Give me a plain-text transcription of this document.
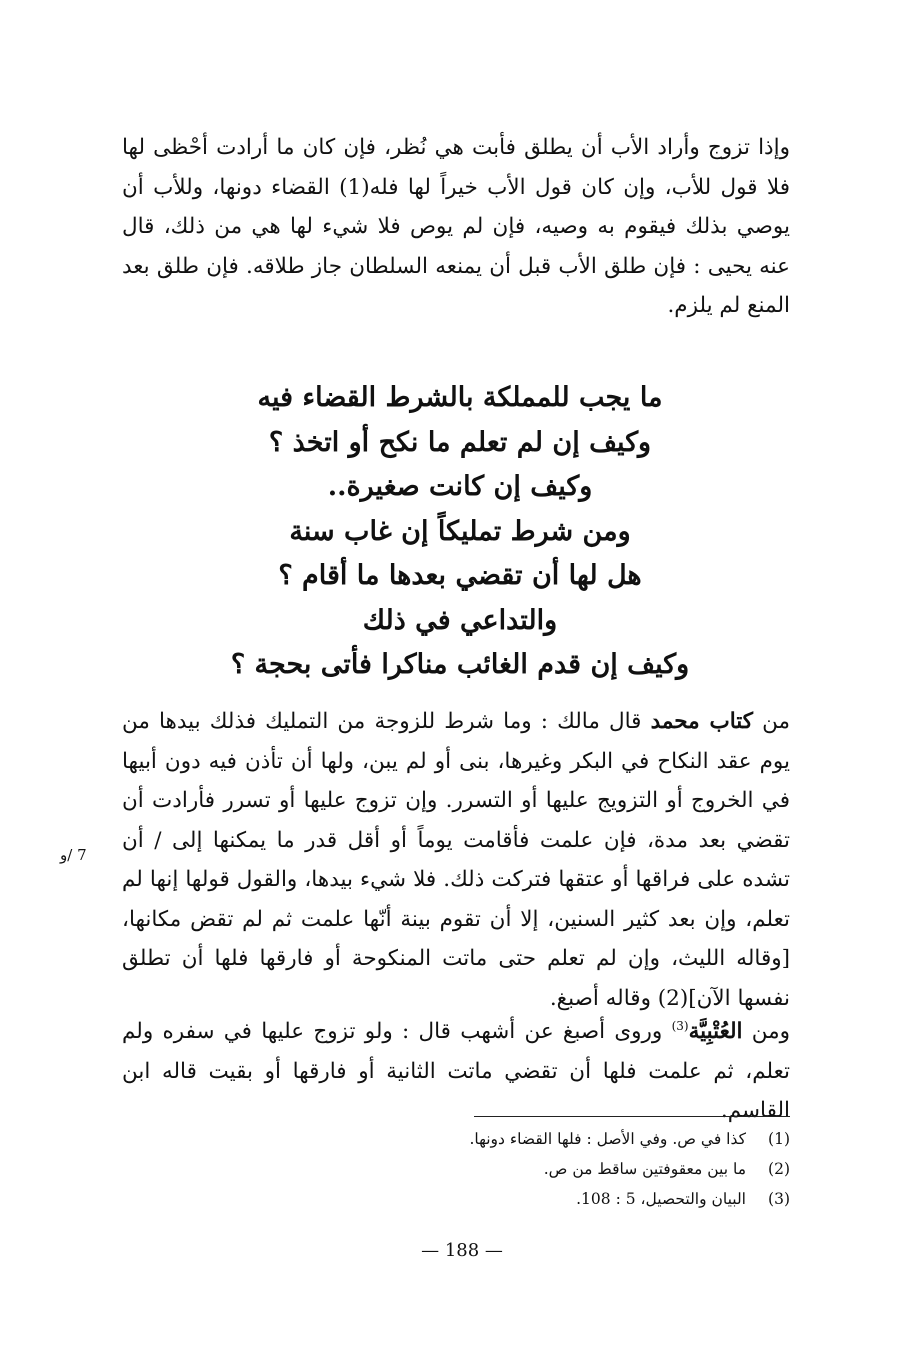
وإذا تزوج وأراد الأب أن يطلق فأبت هي نُظر، فإن كان ما أرادت أحْظى لها فلا قول للأب، وإن كان قول الأب خيراً لها فله(1) القضاء دونها، وللأب أن يوصي بذلك فيقوم به وصيه، فإن لم يوص فلا شيء لها هي من ذلك، قال عنه يحيى : فإن طلق الأب قبل أن يمنعه السلطان جاز طلاقه. فإن طلق بعد المنع لم يلزم.

ما يجب للمملكة بالشرط القضاء فيه
وكيف إن لم تعلم ما نكح أو اتخذ ؟
وكيف إن كانت صغيرة..
ومن شرط تمليكاً إن غاب سنة
هل لها أن تقضي بعدها ما أقام ؟
والتداعي في ذلك
وكيف إن قدم الغائب مناكرا فأتى بحجة ؟

من كتاب محمد قال مالك : وما شرط للزوجة من التمليك فذلك بيدها من يوم عقد النكاح في البكر وغيرها، بنى أو لم يبن، ولها أن تأذن فيه دون أبيها في الخروج أو التزويج عليها أو التسرر. وإن تزوج عليها أو تسرر فأرادت أن تقضي بعد مدة، فإن علمت فأقامت يوماً أو أقل قدر ما يمكنها إلى / أن تشده على فراقها أو عتقها فتركت ذلك. فلا شيء بيدها، والقول قولها إنها لم تعلم، وإن بعد كثير السنين، إلا أن تقوم بينة أنّها علمت ثم لم تقض مكانها، [وقاله الليث، وإن لم تعلم حتى ماتت المنكوحة أو فارقها فلها أن تطلق نفسها الآن](2) وقاله أصبغ.

7 /و

ومن العُتْبِيَّة$^{(3)}$ وروى أصبغ عن أشهب قال : ولو تزوج عليها في سفره ولم تعلم، ثم علمت فلها أن تقضي ماتت الثانية أو فارقها أو بقيت قاله ابن القاسم.

(1)
كذا في ص. وفي الأصل : فلها القضاء دونها.
(2)
ما بين معقوفتين ساقط من ص.
(3)
البيان والتحصيل، 5 : 108.
— 188 —
